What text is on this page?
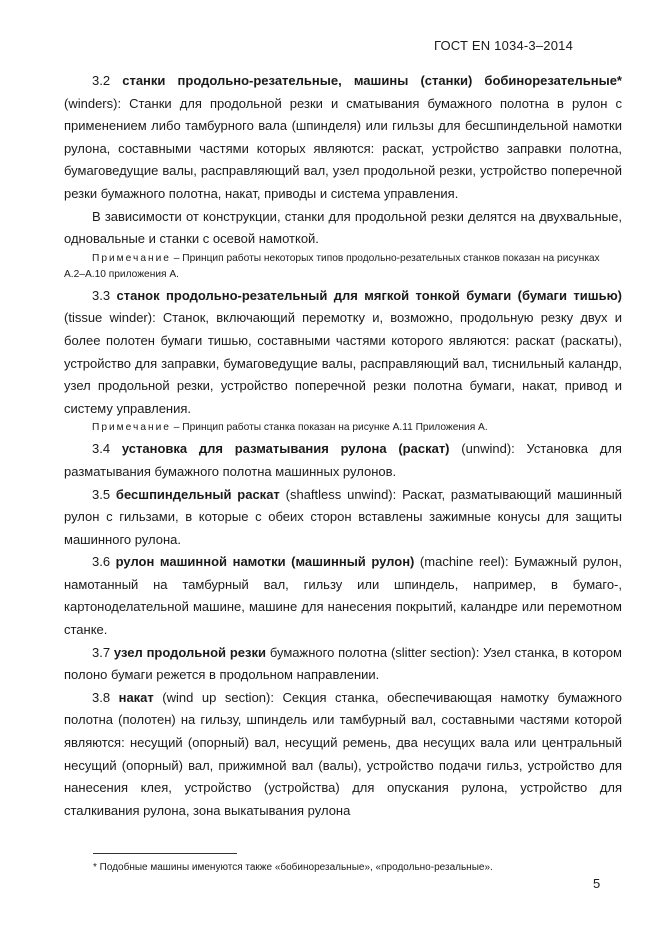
ГОСТ EN 1034-3–2014

3.2 станки продольно-резательные, машины (станки) бобинорезательные* (winders): Станки для продольной резки и сматывания бумажного полотна в рулон с применением либо тамбурного вала (шпинделя) или гильзы для бесшпиндельной намотки рулона, составными частями которых являются: раскат, устройство заправки полотна, бумаговедущие валы, расправляющий вал, узел продольной резки, устройство поперечной резки бумажного полотна, накат, приводы и система управления.

В зависимости от конструкции, станки для продольной резки делятся на двухвальные, одновальные и станки с осевой намоткой.

Примечание – Принцип работы некоторых типов продольно-резательных станков показан на рисунках А.2–А.10 приложения А.

3.3 станок продольно-резательный для мягкой тонкой бумаги (бумаги тишью) (tissue winder): Станок, включающий перемотку и, возможно, продольную резку двух и более полотен бумаги тишью, составными частями которого являются: раскат (раскаты), устройство для заправки, бумаговедущие валы, расправляющий вал, тиснильный каландр, узел продольной резки, устройство поперечной резки полотна бумаги, накат, привод и систему управления.

Примечание – Принцип работы станка показан на рисунке А.11 Приложения А.

3.4 установка для разматывания рулона (раскат) (unwind): Установка для разматывания бумажного полотна машинных рулонов.

3.5 бесшпиндельный раскат (shaftless unwind): Раскат, разматывающий машинный рулон с гильзами, в которые с обеих сторон вставлены зажимные конусы для защиты машинного рулона.

3.6 рулон машинной намотки (машинный рулон) (machine reel): Бумажный рулон, намотанный на тамбурный вал, гильзу или шпиндель, например, в бумаго-, картоноделательной машине, машине для нанесения покрытий, каландре или перемотном станке.

3.7 узел продольной резки бумажного полотна (slitter section): Узел станка, в котором полоно бумаги режется в продольном направлении.

3.8 накат (wind up section): Секция станка, обеспечивающая намотку бумажного полотна (полотен) на гильзу, шпиндель или тамбурный вал, составными частями которой являются: несущий (опорный) вал, несущий ремень, два несущих вала или центральный несущий (опорный) вал, прижимной вал (валы), устройство подачи гильз, устройство для нанесения клея, устройство (устройства) для опускания рулона, устройство для сталкивания рулона, зона выкатывания рулона

* Подобные машины именуются также «бобинорезальные», «продольно-резальные».
5
